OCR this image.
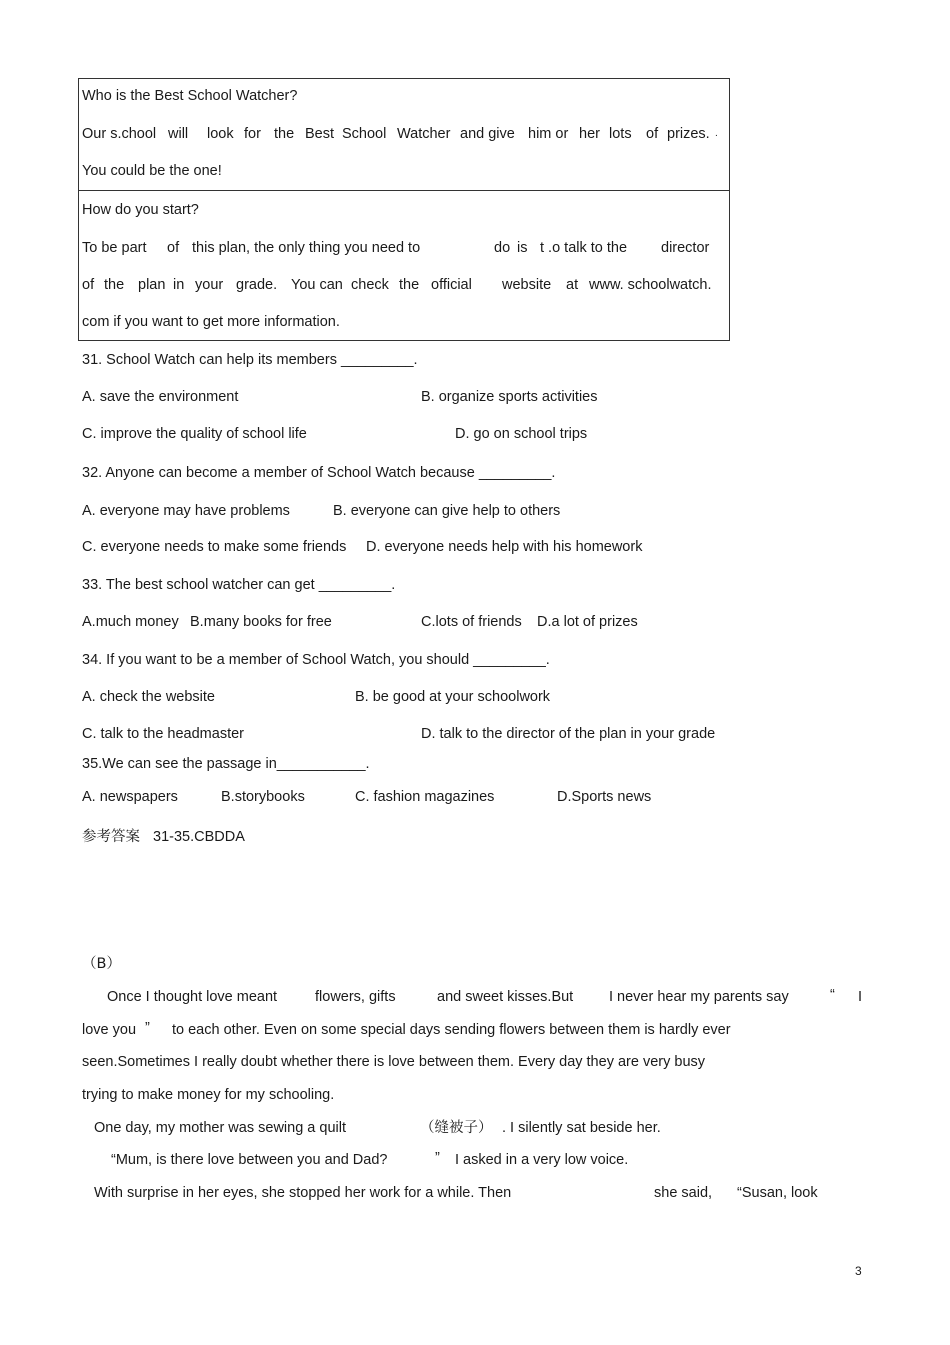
Who is the Best School Watcher?
Our s.chool will look for the Best School Watcher and give him or her lots of prizes. .
You could be the one!
How do you start?
To be part of this plan, the only thing you need to	do is t .o talk to the director
of the plan in your grade. You can check the official website at www. schoolwatch.
com if you want to get more information.
31. School Watch can help its members _________.
A. save the environment	B. organize sports activities
C. improve the quality of school life	D. go on school trips
32. Anyone can become a member of School Watch because _________.
A. everyone may have problems	B. everyone can give help to others
C. everyone needs to make some friends D. everyone needs help with his homework
33. The best school watcher can get _________.
A.much money B.many books for free	C.lots of friends D.a lot of prizes
34. If you want to be a member of School Watch, you should _________.
A. check the website	B. be good at your schoolwork
C. talk to the headmaster	D. talk to the director of the plan in your grade
35.We can see the passage in___________.
A. newspapers	B.storybooks	C. fashion magazines	D.Sports news
参考答案 31-35.CBDDA
（B）
Once I thought love meant	flowers, gifts	and sweet kisses.But I never hear my parents say	“ I
love you ” to each other. Even on some special days sending flowers between them is hardly ever
seen.Sometimes I really doubt whether there is love between them. Every day they are very busy
trying to make money for my schooling.
One day, my mother was sewing a quilt	（缝被子） . I silently sat beside her.
“Mum, is there love between you and Dad?	” I asked in a very low voice.
With surprise in her eyes, she stopped her work for a while. Then	she said, “Susan, look
3
